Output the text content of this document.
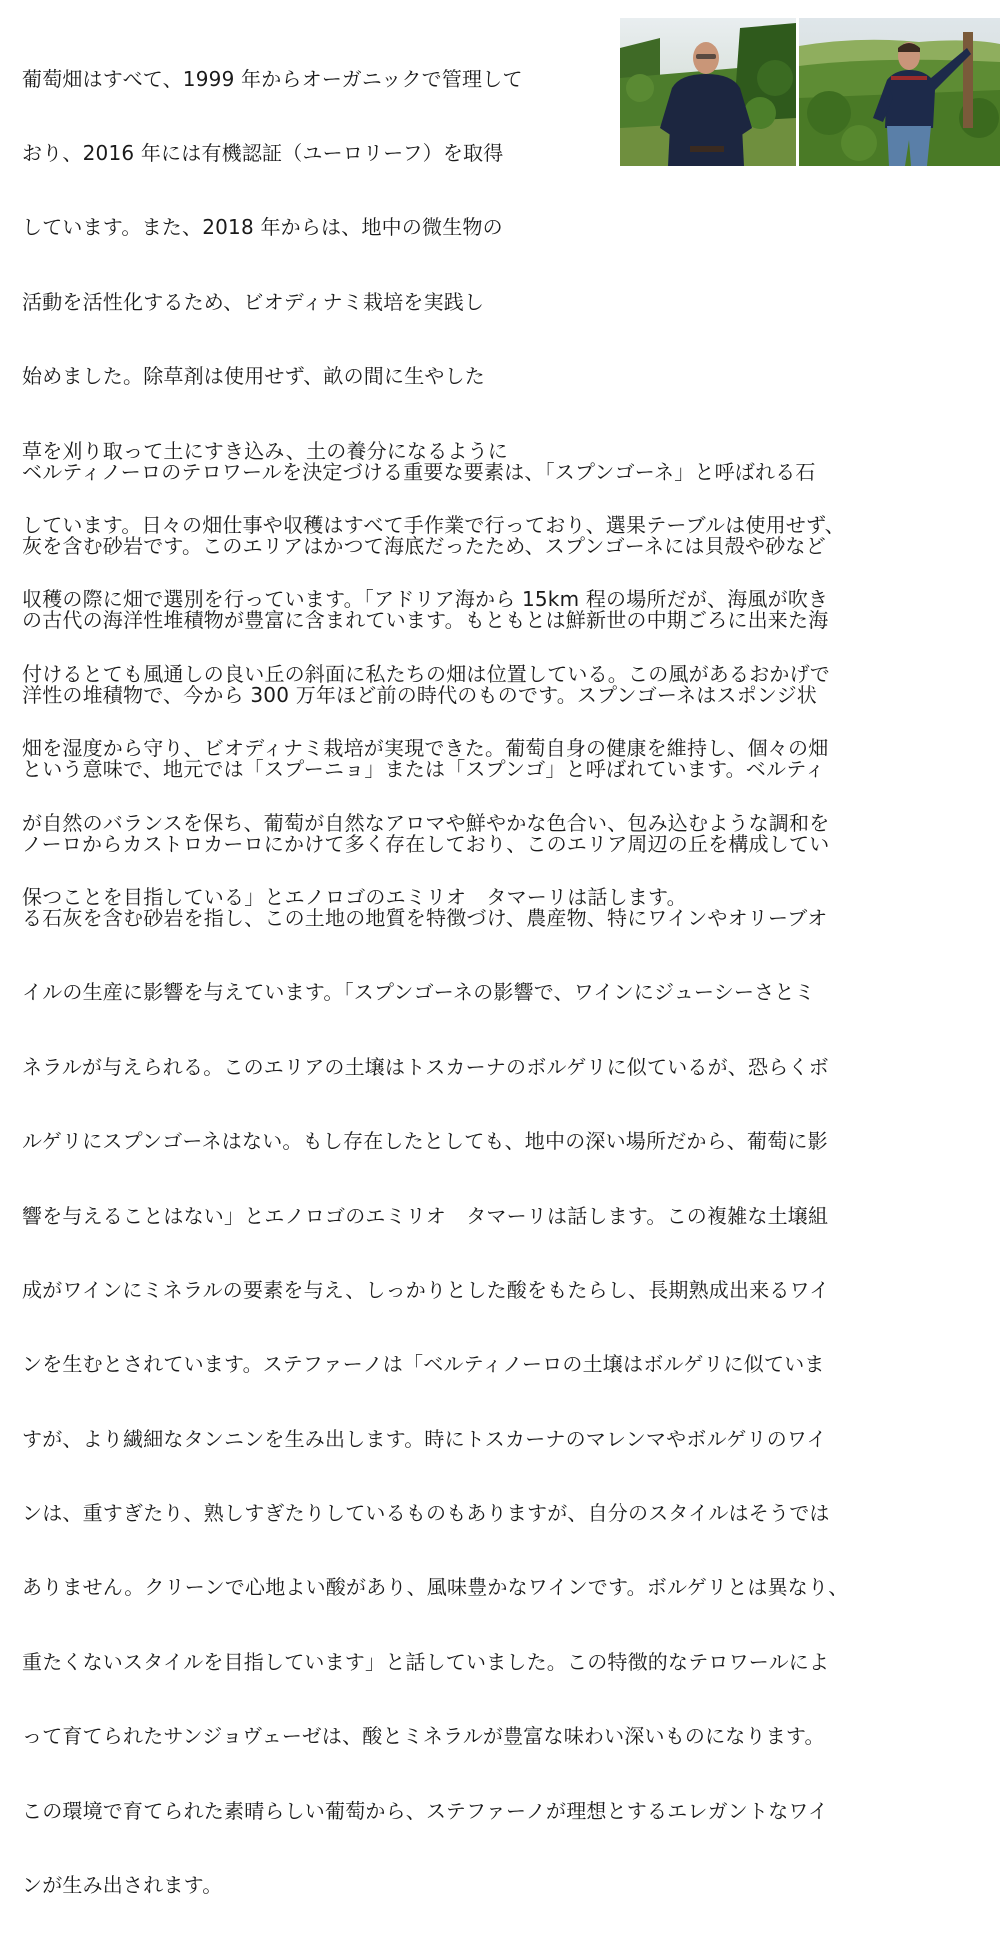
葡萄畑はすべて、1999 年からオーガニックで管理して

おり、2016 年には有機認証（ユーロリーフ）を取得

しています。また、2018 年からは、地中の微生物の

活動を活性化するため、ビオディナミ栽培を実践し

始めました。除草剤は使用せず、畝の間に生やした

草を刈り取って土にすき込み、土の養分になるように

しています。日々の畑仕事や収穫はすべて手作業で行っており、選果テーブルは使用せず、

収穫の際に畑で選別を行っています。「アドリア海から 15km 程の場所だが、海風が吹き

付けるとても風通しの良い丘の斜面に私たちの畑は位置している。この風があるおかげで

畑を湿度から守り、ビオディナミ栽培が実現できた。葡萄自身の健康を維持し、個々の畑

が自然のバランスを保ち、葡萄が自然なアロマや鮮やかな色合い、包み込むような調和を

保つことを目指している」とエノロゴのエミリオ　タマーリは話します。

ベルティノーロのテロワールを決定づける重要な要素は、「スプンゴーネ」と呼ばれる石

灰を含む砂岩です。このエリアはかつて海底だったため、スプンゴーネには貝殻や砂など

の古代の海洋性堆積物が豊富に含まれています。もともとは鮮新世の中期ごろに出来た海

洋性の堆積物で、今から 300 万年ほど前の時代のものです。スプンゴーネはスポンジ状

という意味で、地元では「スプーニョ」または「スプンゴ」と呼ばれています。ベルティ

ノーロからカストロカーロにかけて多く存在しており、このエリア周辺の丘を構成してい

る石灰を含む砂岩を指し、この土地の地質を特徴づけ、農産物、特にワインやオリーブオ

イルの生産に影響を与えています。「スプンゴーネの影響で、ワインにジューシーさとミ

ネラルが与えられる。このエリアの土壌はトスカーナのボルゲリに似ているが、恐らくボ

ルゲリにスプンゴーネはない。もし存在したとしても、地中の深い場所だから、葡萄に影

響を与えることはない」とエノロゴのエミリオ　タマーリは話します。この複雑な土壌組

成がワインにミネラルの要素を与え、しっかりとした酸をもたらし、長期熟成出来るワイ

ンを生むとされています。ステファーノは「ベルティノーロの土壌はボルゲリに似ていま

すが、より繊細なタンニンを生み出します。時にトスカーナのマレンマやボルゲリのワイ

ンは、重すぎたり、熟しすぎたりしているものもありますが、自分のスタイルはそうでは

ありません。クリーンで心地よい酸があり、風味豊かなワインです。ボルゲリとは異なり、

重たくないスタイルを目指しています」と話していました。この特徴的なテロワールによ

って育てられたサンジョヴェーゼは、酸とミネラルが豊富な味わい深いものになります。

この環境で育てられた素晴らしい葡萄から、ステファーノが理想とするエレガントなワイ

ンが生み出されます。
